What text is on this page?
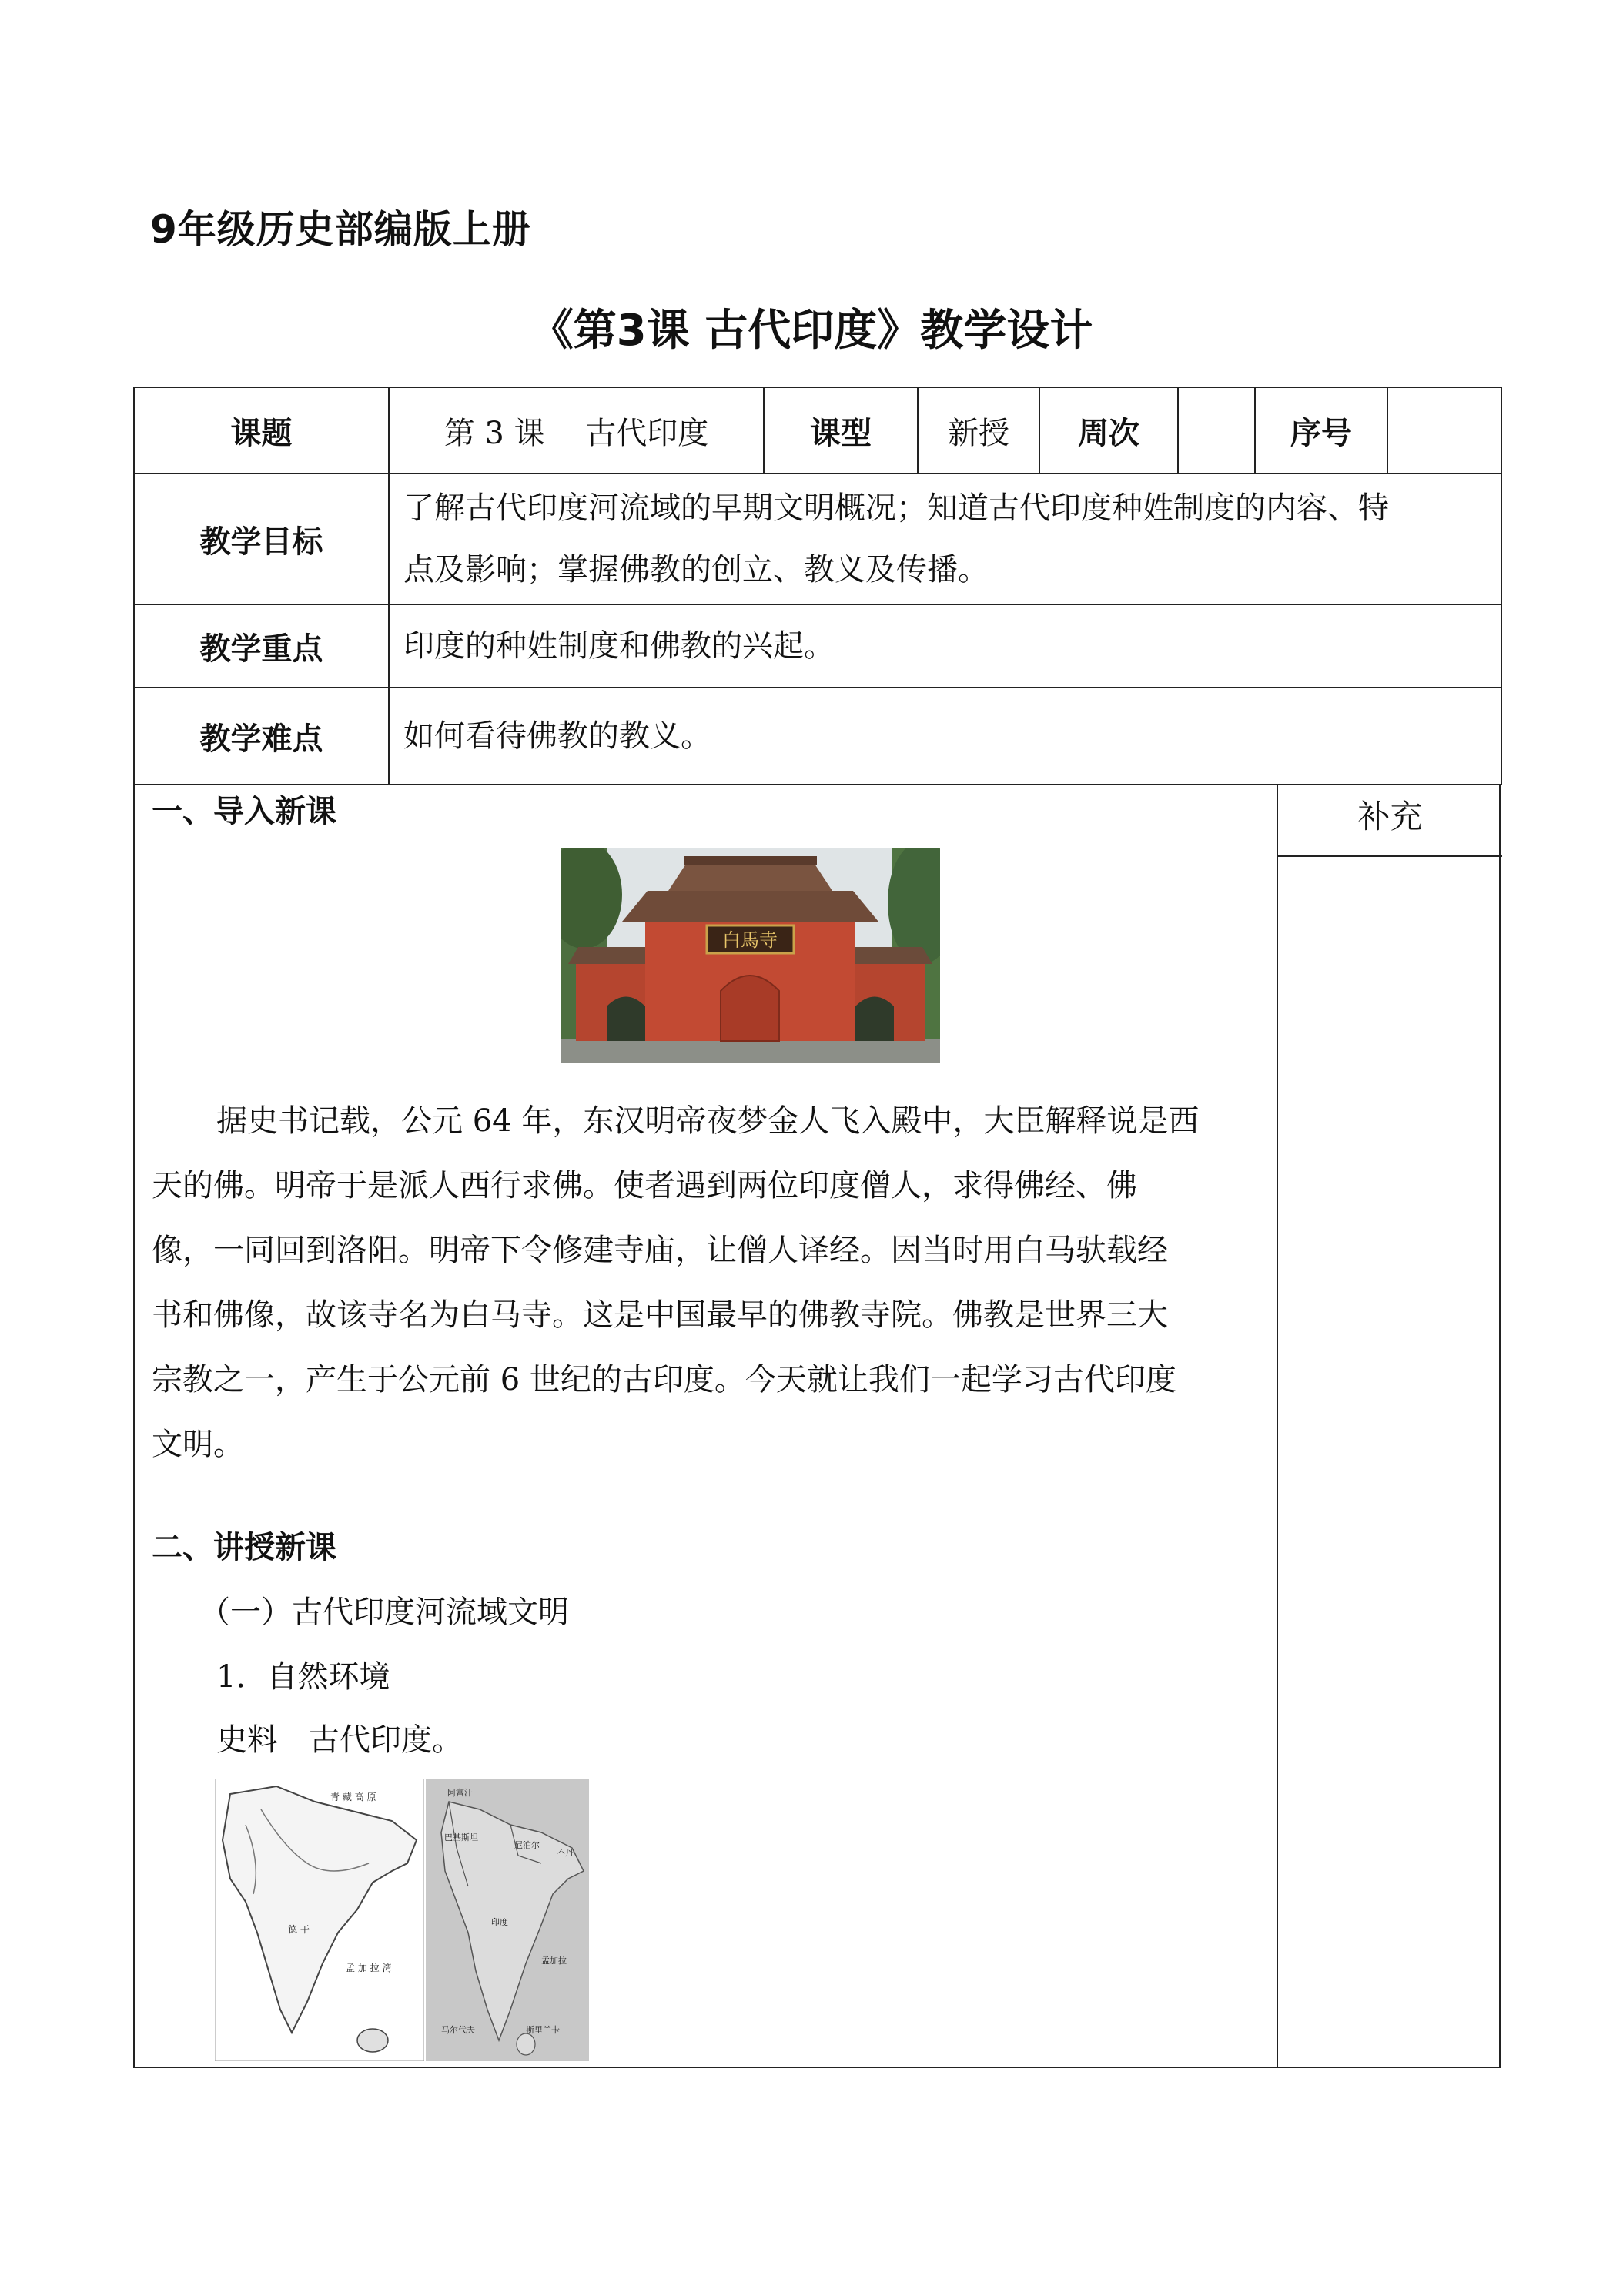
9年级历史部编版上册
《第3课 古代印度》教学设计
课题	第 3 课　 古代印度	课型	新授	周次		序号	
教学目标	了解古代印度河流域的早期文明概况；知道古代印度种姓制度的内容、特
点及影响；掌握佛教的创立、教义及传播。						

教学重点	印度的种姓制度和佛教的兴起。						
教学难点	如何看待佛教的教义。						
补充
一、导入新课
白馬寺
据史书记载，公元 64 年，东汉明帝夜梦金人飞入殿中，大臣解释说是西
天的佛。明帝于是派人西行求佛。使者遇到两位印度僧人，求得佛经、佛
像，一同回到洛阳。明帝下令修建寺庙，让僧人译经。因当时用白马驮载经
书和佛像，故该寺名为白马寺。这是中国最早的佛教寺院。佛教是世界三大
宗教之一，产生于公元前 6 世纪的古印度。今天就让我们一起学习古代印度
文明。
二、讲授新课
（一）古代印度河流域文明
1．自然环境
史料　古代印度。
青 藏 高 原
孟 加 拉 湾
德 干
阿富汗
巴基斯坦
尼泊尔
不丹
印度
孟加拉
马尔代夫	斯里兰卡
